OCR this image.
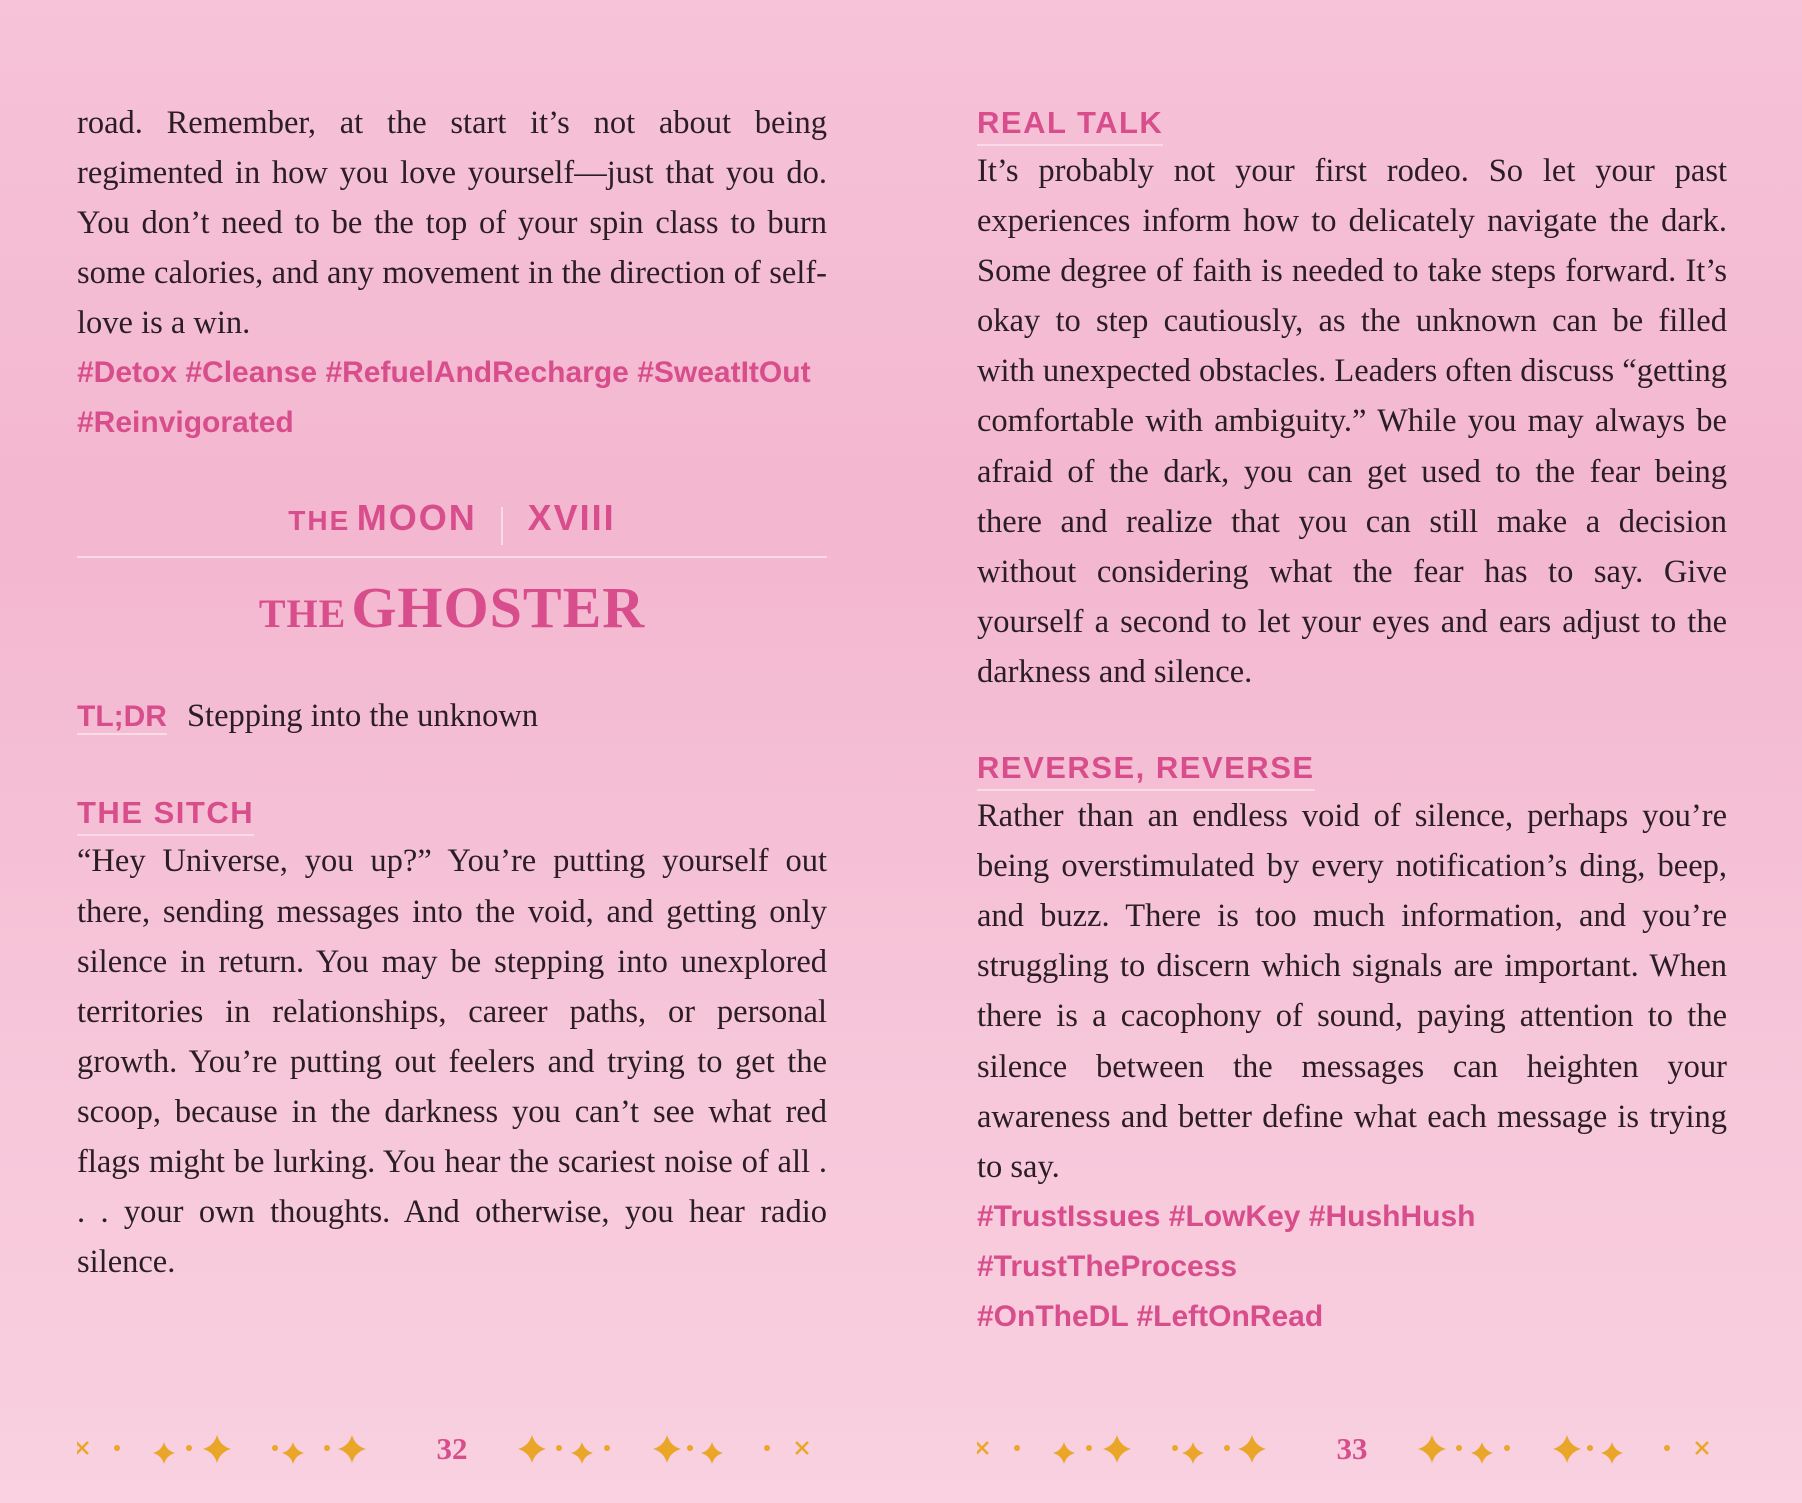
road. Remember, at the start it’s not about being regimented in how you love yourself—just that you do. You don’t need to be the top of your spin class to burn some calories, and any movement in the direction of self-love is a win.

#Detox #Cleanse #RefuelAndRecharge #SweatItOut

#Reinvigorated

THE MOON XVIII
THE GHOSTER
TL;DR Stepping into the unknown
THE SITCH

“Hey Universe, you up?” You’re putting yourself out there, sending messages into the void, and getting only silence in return. You may be stepping into unexplored territories in relationships, career paths, or personal growth. You’re putting out feelers and trying to get the scoop, because in the darkness you can’t see what red flags might be lurking. You hear the scariest noise of all . . . your own thoughts. And otherwise, you hear radio silence.

REAL TALK

It’s probably not your first rodeo. So let your past experiences inform how to delicately navigate the dark. Some degree of faith is needed to take steps forward. It’s okay to step cautiously, as the unknown can be filled with unexpected obstacles. Leaders often discuss “getting comfortable with ambiguity.” While you may always be afraid of the dark, you can get used to the fear being there and realize that you can still make a decision without considering what the fear has to say. Give yourself a second to let your eyes and ears adjust to the darkness and silence.

REVERSE, REVERSE

Rather than an endless void of silence, perhaps you’re being overstimulated by every notification’s ding, beep, and buzz. There is too much information, and you’re struggling to discern which signals are important. When there is a cacophony of sound, paying attention to the silence between the messages can heighten your awareness and better define what each message is trying to say.

#TrustIssues #LowKey #HushHush #TrustTheProcess

#OnTheDL #LeftOnRead

32	33
